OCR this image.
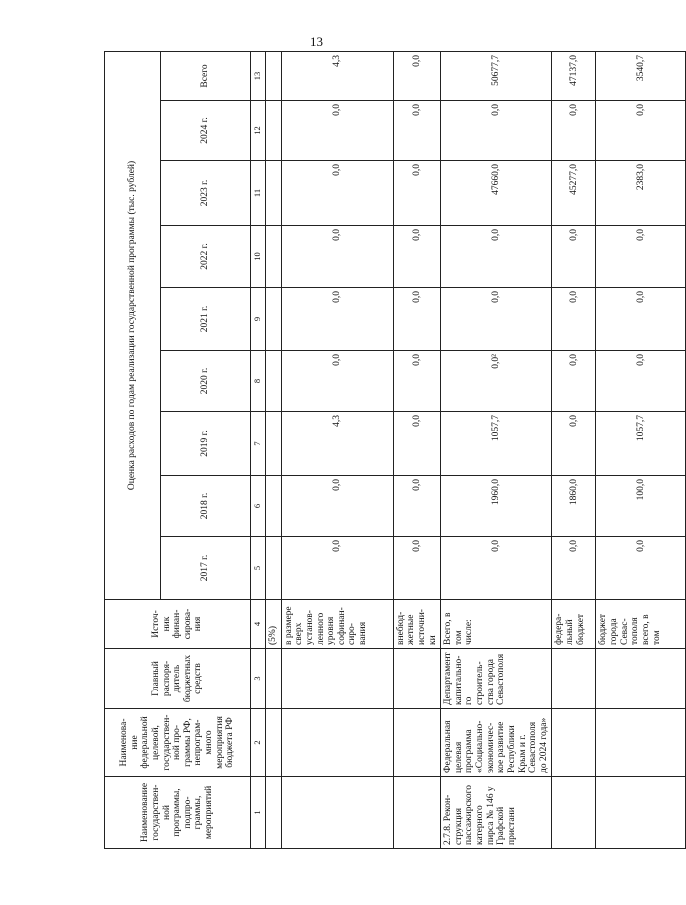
13
Наименование государствен-ной программы, подпро-граммы, мероприятий	Наименова-ние федеральной целевой, государствен-ной про-граммы РФ, непрограм-много мероприятия бюджета РФ	Главный распоря-дитель бюджетных средств	Источ-ник финан-сирова-ния	Оценка расходов по годам реализации государственной программы (тыс. рублей)								
				2017 г.	2018 г.	2019 г.	2020 г.	2021 г.	2022 г.	2023 г.	2024 г.	Всего
1	2	3	4	5	6	7	8	9	10	11	12	13
			(5%)									
			в размере сверх установ-ленного уровня софинан-сиро-вания	0,0	0,0	4,3	0,0	0,0	0,0	0,0	0,0	4,3
			внебюд-жетные источни-ки	0,0	0,0	0,0	0,0	0,0	0,0	0,0	0,0	0,0
2.7.8. Рекон-струкция пассажирского катерного пирса № 146 у Графской пристани	Федеральная целевая программа «Социально-экономичес-кое развитие Республики Крым и г. Севастополя до 2024 года»	Департамент капитально-го строитель-ства города Севастополя	Всего, в том числе:	0,0	1960,0	1057,7	0,0²	0,0	0,0	47660,0	0,0	50677,7
			федера-льный бюджет	0,0	1860,0	0,0	0,0	0,0	0,0	45277,0	0,0	47137,0
			бюджет города Севас-тополя всего, в том	0,0	100,0	1057,7	0,0	0,0	0,0	2383,0	0,0	3540,7
